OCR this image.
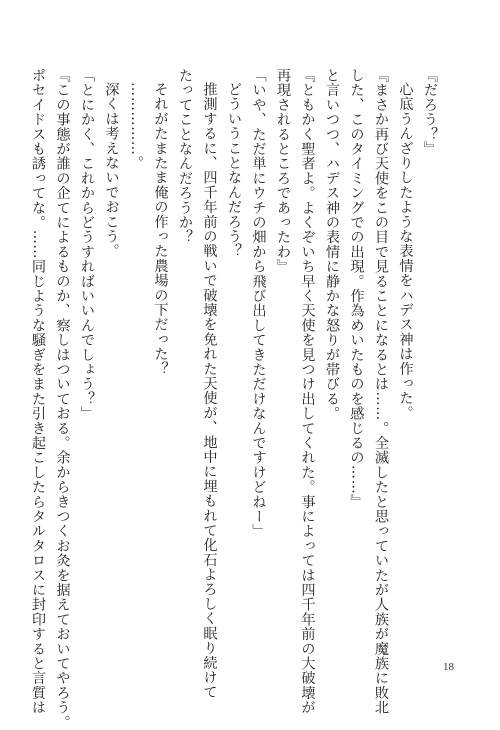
『だろう？』
心底うんざりしたような表情をハデス神は作った。
『まさか再び天使をこの目で見ることになるとは……。全滅したと思っていたが人族が魔族に敗北
した、このタイミングでの出現。作為めいたものを感じるの……』
と言いつつ、ハデス神の表情に静かな怒りが帯びる。
『ともかく聖者よ。よくぞいち早く天使を見つけ出してくれた。事によっては四千年前の大破壊が
再現されるところであったわ』
「いや、ただ単にウチの畑から飛び出してきただけなんですけどねー」
どういうことなんだろう？
推測するに、四千年前の戦いで破壊を免れた天使が、地中に埋もれて化石よろしく眠り続けて
たってことなんだろうか？
それがたまたま俺の作った農場の下だった？
……………。
深くは考えないでおこう。
「とにかく、これからどうすればいいんでしょう？」
『この事態が誰の企てによるものか、察しはついておる。余からきつくお灸を据えておいてやろう。
ポセイドスも誘ってな。……同じような騒ぎをまた引き起こしたらタルタロスに封印すると言質は	18
